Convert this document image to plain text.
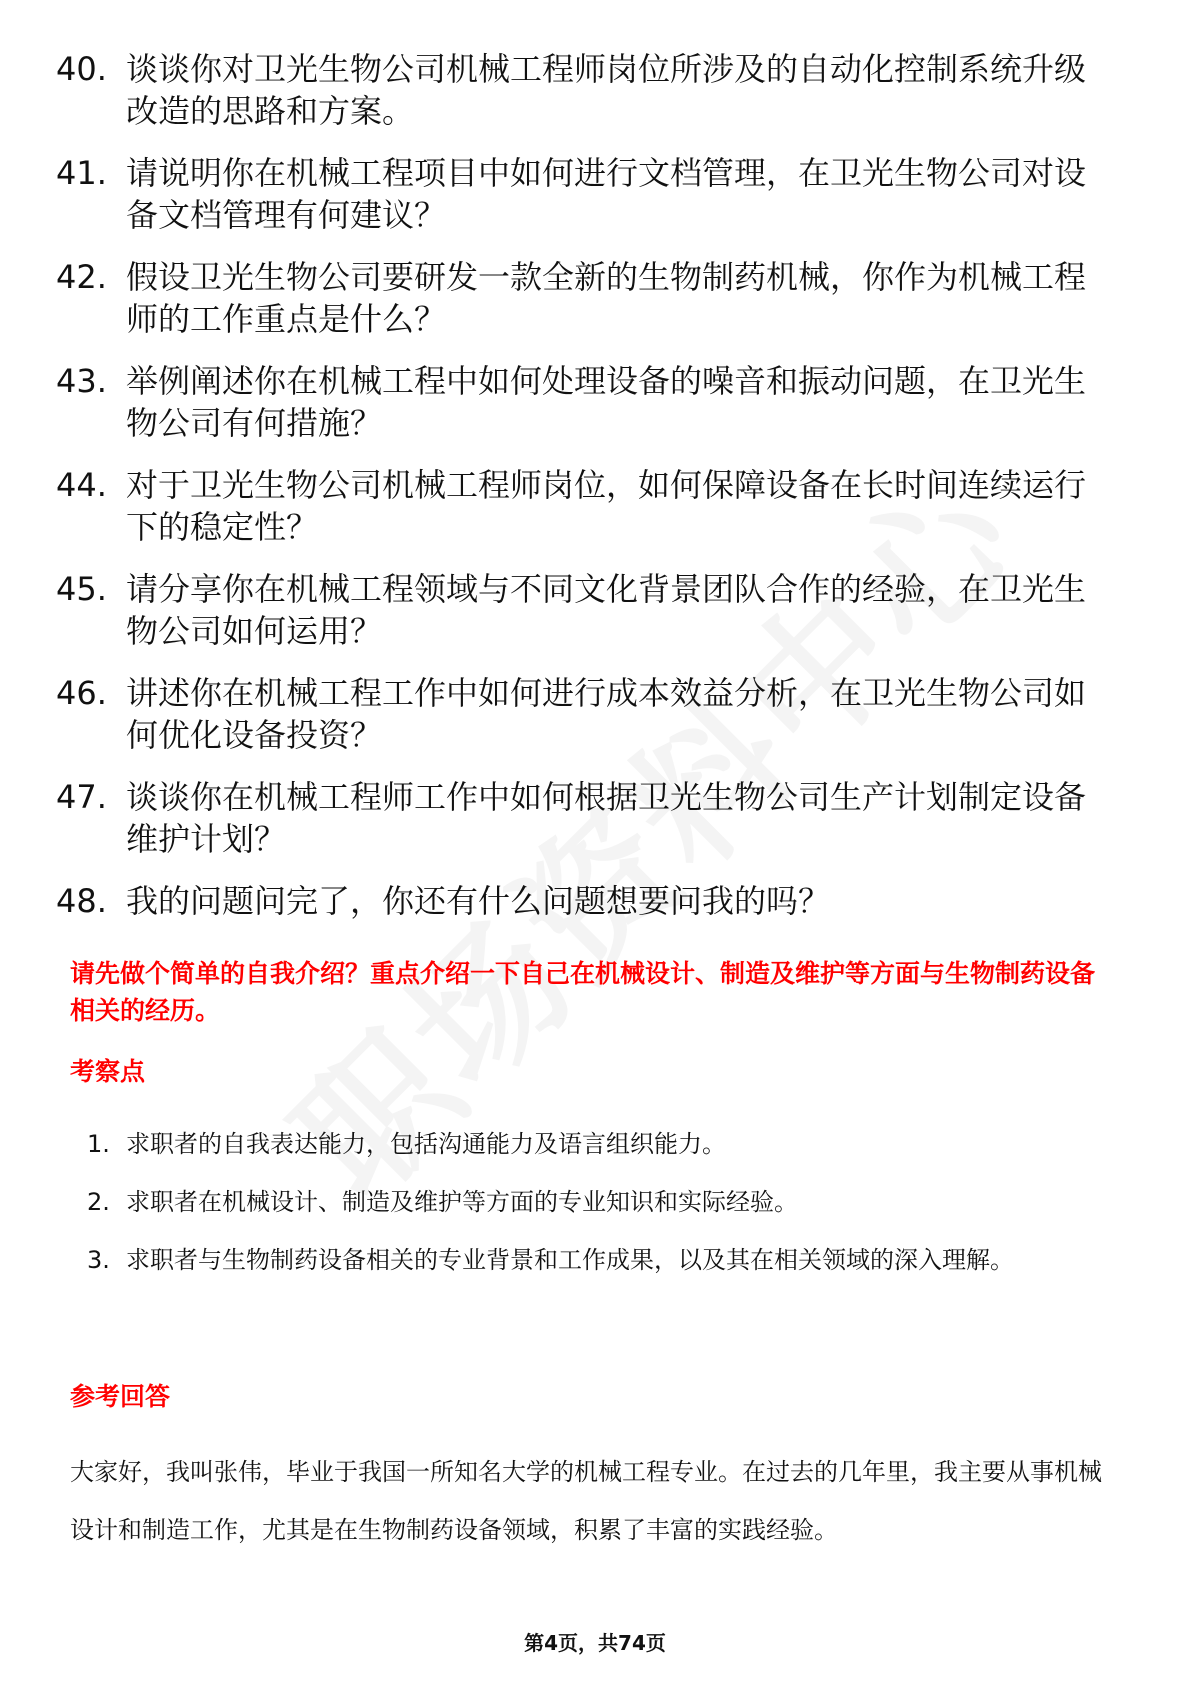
40. 谈谈你对卫光生物公司机械工程师岗位所涉及的自动化控制系统升级改造的思路和方案。
41. 请说明你在机械工程项目中如何进行文档管理，在卫光生物公司对设备文档管理有何建议？
42. 假设卫光生物公司要研发一款全新的生物制药机械，你作为机械工程师的工作重点是什么？
43. 举例阐述你在机械工程中如何处理设备的噪音和振动问题，在卫光生物公司有何措施？
44. 对于卫光生物公司机械工程师岗位，如何保障设备在长时间连续运行下的稳定性？
45. 请分享你在机械工程领域与不同文化背景团队合作的经验，在卫光生物公司如何运用？
46. 讲述你在机械工程工作中如何进行成本效益分析，在卫光生物公司如何优化设备投资？
47. 谈谈你在机械工程师工作中如何根据卫光生物公司生产计划制定设备维护计划？
48. 我的问题问完了，你还有什么问题想要问我的吗？

请先做个简单的自我介绍？重点介绍一下自己在机械设计、制造及维护等方面与生物制药设备相关的经历。

考察点
1. 求职者的自我表达能力，包括沟通能力及语言组织能力。
2. 求职者在机械设计、制造及维护等方面的专业知识和实际经验。
3. 求职者与生物制药设备相关的专业背景和工作成果，以及其在相关领域的深入理解。
参考回答

大家好，我叫张伟，毕业于我国一所知名大学的机械工程专业。在过去的几年里，我主要从事机械设计和制造工作，尤其是在生物制药设备领域，积累了丰富的实践经验。

第4页，共74页
